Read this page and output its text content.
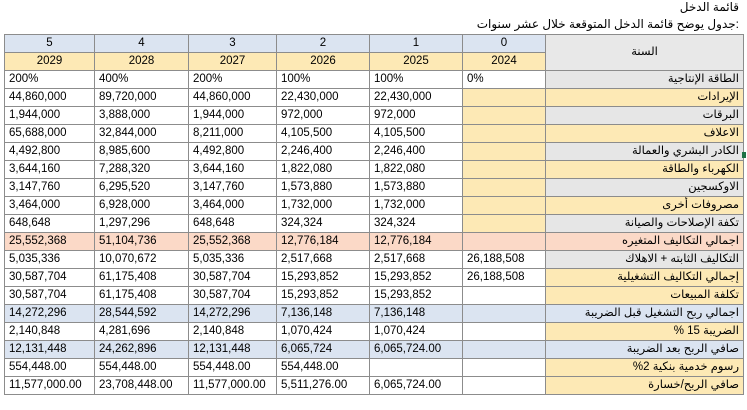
قائمة الدخل
جدول يوضح قائمة الدخل المتوقعة خلال عشر سنوات:
5	4	3	2	1	0	السنة
2029	2028	2027	2026	2025	2024	
200%	400%	200%	100%	100%	0%	الطاقة الإنتاجية
44,860,000	89,720,000	44,860,000	22,430,000	22,430,000		الإيرادات
1,944,000	3,888,000	1,944,000	972,000	972,000		البرقات
65,688,000	32,844,000	8,211,000	4,105,500	4,105,500		الاعلاف
4,492,800	8,985,600	4,492,800	2,246,400	2,246,400		الكادر البشري والعمالة
3,644,160	7,288,320	3,644,160	1,822,080	1,822,080		الكهرباء والطاقة
3,147,760	6,295,520	3,147,760	1,573,880	1,573,880		الاوكسجين
3,464,000	6,928,000	3,464,000	1,732,000	1,732,000		مصروفات أخرى
648,648	1,297,296	648,648	324,324	324,324		تكفة الإصلاحات والصيانة
25,552,368	51,104,736	25,552,368	12,776,184	12,776,184		اجمالي التكاليف المتغيره
5,035,336	10,070,672	5,035,336	2,517,668	2,517,668	26,188,508	التكاليف الثابته + الاهلاك
30,587,704	61,175,408	30,587,704	15,293,852	15,293,852	26,188,508	إجمالي التكاليف التشغيلية
30,587,704	61,175,408	30,587,704	15,293,852	15,293,852		تكلفة المبيعات
14,272,296	28,544,592	14,272,296	7,136,148	7,136,148		اجمالي ربح التشغيل قبل الضريبة
2,140,848	4,281,696	2,140,848	1,070,424	1,070,424		الضريبة 15 %
12,131,448	24,262,896	12,131,448	6,065,724	6,065,724.00		صافي الربح بعد الضريبة
554,448.00	554,448.00	554,448.00	554,448.00			رسوم خدمية بنكية 2%
11,577,000.00	23,708,448.00	11,577,000.00	5,511,276.00	6,065,724.00		صافي الربح/خسارة
